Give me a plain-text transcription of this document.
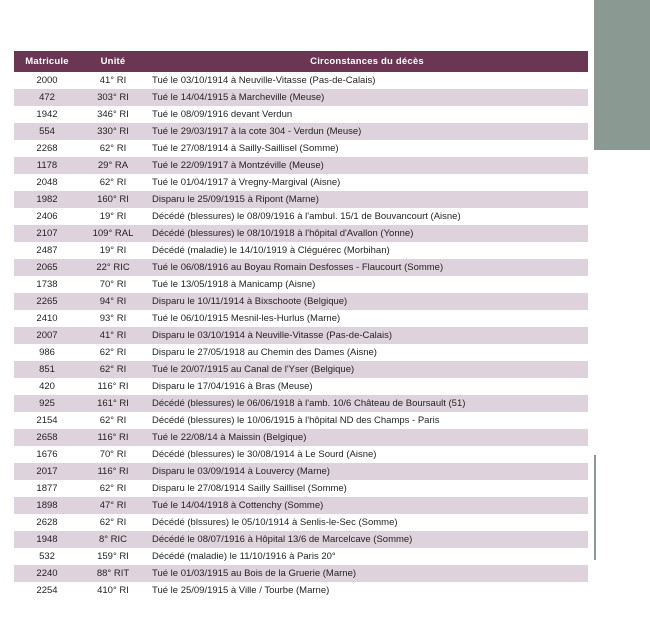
Matricule	Unité	Circonstances du décès
2000	41° RI	Tué le 03/10/1914 à Neuville-Vitasse (Pas-de-Calais)
472	303° RI	Tué le 14/04/1915 à Marcheville (Meuse)
1942	346° RI	Tué le 08/09/1916 devant Verdun
554	330° RI	Tué le 29/03/1917 à la cote 304 - Verdun (Meuse)
2268	62° RI	Tué le 27/08/1914 à Sailly-Saillisel (Somme)
1178	29° RA	Tué le 22/09/1917 à Montzéville (Meuse)
2048	62° RI	Tué le 01/04/1917 à Vregny-Margival (Aisne)
1982	160° RI	Disparu le 25/09/1915 à Ripont (Marne)
2406	19° RI	Décédé (blessures) le 08/09/1916 à l'ambul. 15/1 de Bouvancourt (Aisne)
2107	109° RAL	Décédé (blessures) le 08/10/1918 à l'hôpital d'Avallon (Yonne)
2487	19° RI	Décédé (maladie) le 14/10/1919 à Cléguérec (Morbihan)
2065	22° RIC	Tué le 06/08/1916 au Boyau Romain Desfosses - Flaucourt (Somme)
1738	70° RI	Tué le 13/05/1918 à Manicamp (Aisne)
2265	94° RI	Disparu le 10/11/1914 à Bixschoote (Belgique)
2410	93° RI	Tué le 06/10/1915 Mesnil-les-Hurlus (Marne)
2007	41° RI	Disparu le 03/10/1914 à Neuville-Vitasse (Pas-de-Calais)
986	62° RI	Disparu le 27/05/1918 au Chemin des Dames (Aisne)
851	62° RI	Tué le 20/07/1915 au Canal de l'Yser (Belgique)
420	116° RI	Disparu le 17/04/1916 à Bras (Meuse)
925	161° RI	Décédé (blessures) le 06/06/1918 à l'amb. 10/6 Château de Boursault (51)
2154	62° RI	Décédé (blessures) le 10/06/1915 à l'hôpital ND des Champs - Paris
2658	116° RI	Tué le 22/08/14 à Maissin (Belgique)
1676	70° RI	Décédé (blessures) le 30/08/1914 à Le Sourd (Aisne)
2017	116° RI	Disparu le 03/09/1914 à Louvercy (Marne)
1877	62° RI	Disparu le 27/08/1914 Sailly Saillisel (Somme)
1898	47° RI	Tué le 14/04/1918 à Cottenchy (Somme)
2628	62° RI	Décédé (blssures) le 05/10/1914 à Senlis-le-Sec (Somme)
1948	8° RIC	Décédé le 08/07/1916 à Hôpital 13/6 de Marcelcave (Somme)
532	159° RI	Décédé (maladie) le 11/10/1916 à Paris 20°
2240	88° RIT	Tué le 01/03/1915 au Bois de la Gruerie (Marne)
2254	410° RI	Tué le 25/09/1915 à Ville / Tourbe (Marne)
